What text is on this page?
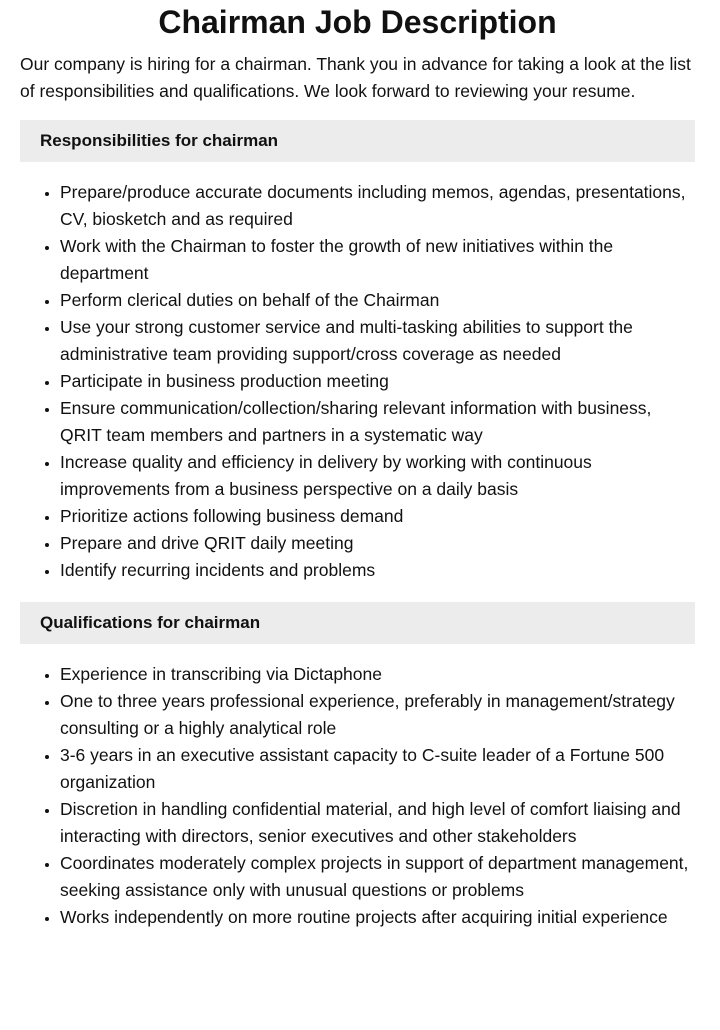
Chairman Job Description

Our company is hiring for a chairman. Thank you in advance for taking a look at the list of responsibilities and qualifications. We look forward to reviewing your resume.

Responsibilities for chairman
• Prepare/produce accurate documents including memos, agendas, presentations, CV, biosketch and as required
• Work with the Chairman to foster the growth of new initiatives within the department
• Perform clerical duties on behalf of the Chairman
• Use your strong customer service and multi-tasking abilities to support the administrative team providing support/cross coverage as needed
• Participate in business production meeting
• Ensure communication/collection/sharing relevant information with business, QRIT team members and partners in a systematic way
• Increase quality and efficiency in delivery by working with continuous improvements from a business perspective on a daily basis
• Prioritize actions following business demand
• Prepare and drive QRIT daily meeting
• Identify recurring incidents and problems
Qualifications for chairman
• Experience in transcribing via Dictaphone
• One to three years professional experience, preferably in management/strategy consulting or a highly analytical role
• 3-6 years in an executive assistant capacity to C-suite leader of a Fortune 500 organization
• Discretion in handling confidential material, and high level of comfort liaising and interacting with directors, senior executives and other stakeholders
• Coordinates moderately complex projects in support of department management, seeking assistance only with unusual questions or problems
• Works independently on more routine projects after acquiring initial experience
